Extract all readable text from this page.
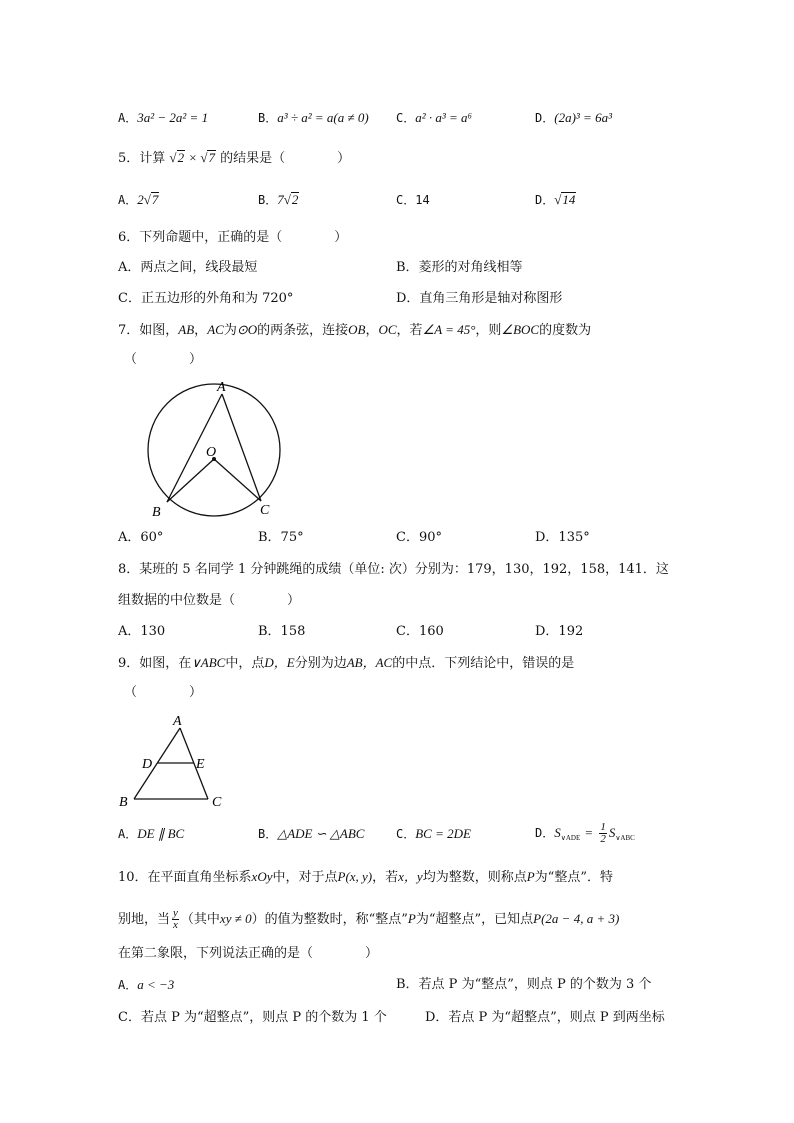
A．3a² − 2a² = 1	B．a³ ÷ a² = a(a ≠ 0) C．a² · a³ = a⁶	D．(2a)³ = 6a³
5．计算 √2 × √7 的结果是（　　　　）
A．2√7	B．7√2	C．14	D．√14
6．下列命题中，正确的是（　　　　）
A．两点之间，线段最短	B．菱形的对角线相等
C．正五边形的外角和为 720°	D．直角三角形是轴对称图形
7．如图，AB，AC为⊙O的两条弦，连接OB，OC，若∠A = 45°，则∠BOC的度数为
（　　　　）
A
O
B	C
A．60°	B．75°	C．90°	D．135°
8．某班的 5 名同学 1 分钟跳绳的成绩（单位: 次）分别为：179，130，192，158，141．这
组数据的中位数是（　　　　）
A．130	B．158	C．160	D．192
9．如图，在∨ABC中，点D，E分别为边AB，AC的中点．下列结论中，错误的是
（　　　　）
A
D	E
B	C
A．DE ∥ BC	B．△ADE ∽ △ABC	C．BC = 2DE	D．$S_{\vee ADE} = \frac{1}{2} S_{\vee ABC}$
10．在平面直角坐标系xOy中，对于点P(x, y)，若x，y均为整数，则称点P为“整点”．特
别地，当 $\frac{y}{x}$ （其中xy ≠ 0）的值为整数时，称“整点”P为“超整点”，已知点P(2a − 4, a + 3)
在第二象限，下列说法正确的是（　　　　）
A．a < −3	B．若点 P 为“整点”，则点 P 的个数为 3 个
C．若点 P 为“超整点”，则点 P 的个数为 1 个	D．若点 P 为“超整点”，则点 P 到两坐标
